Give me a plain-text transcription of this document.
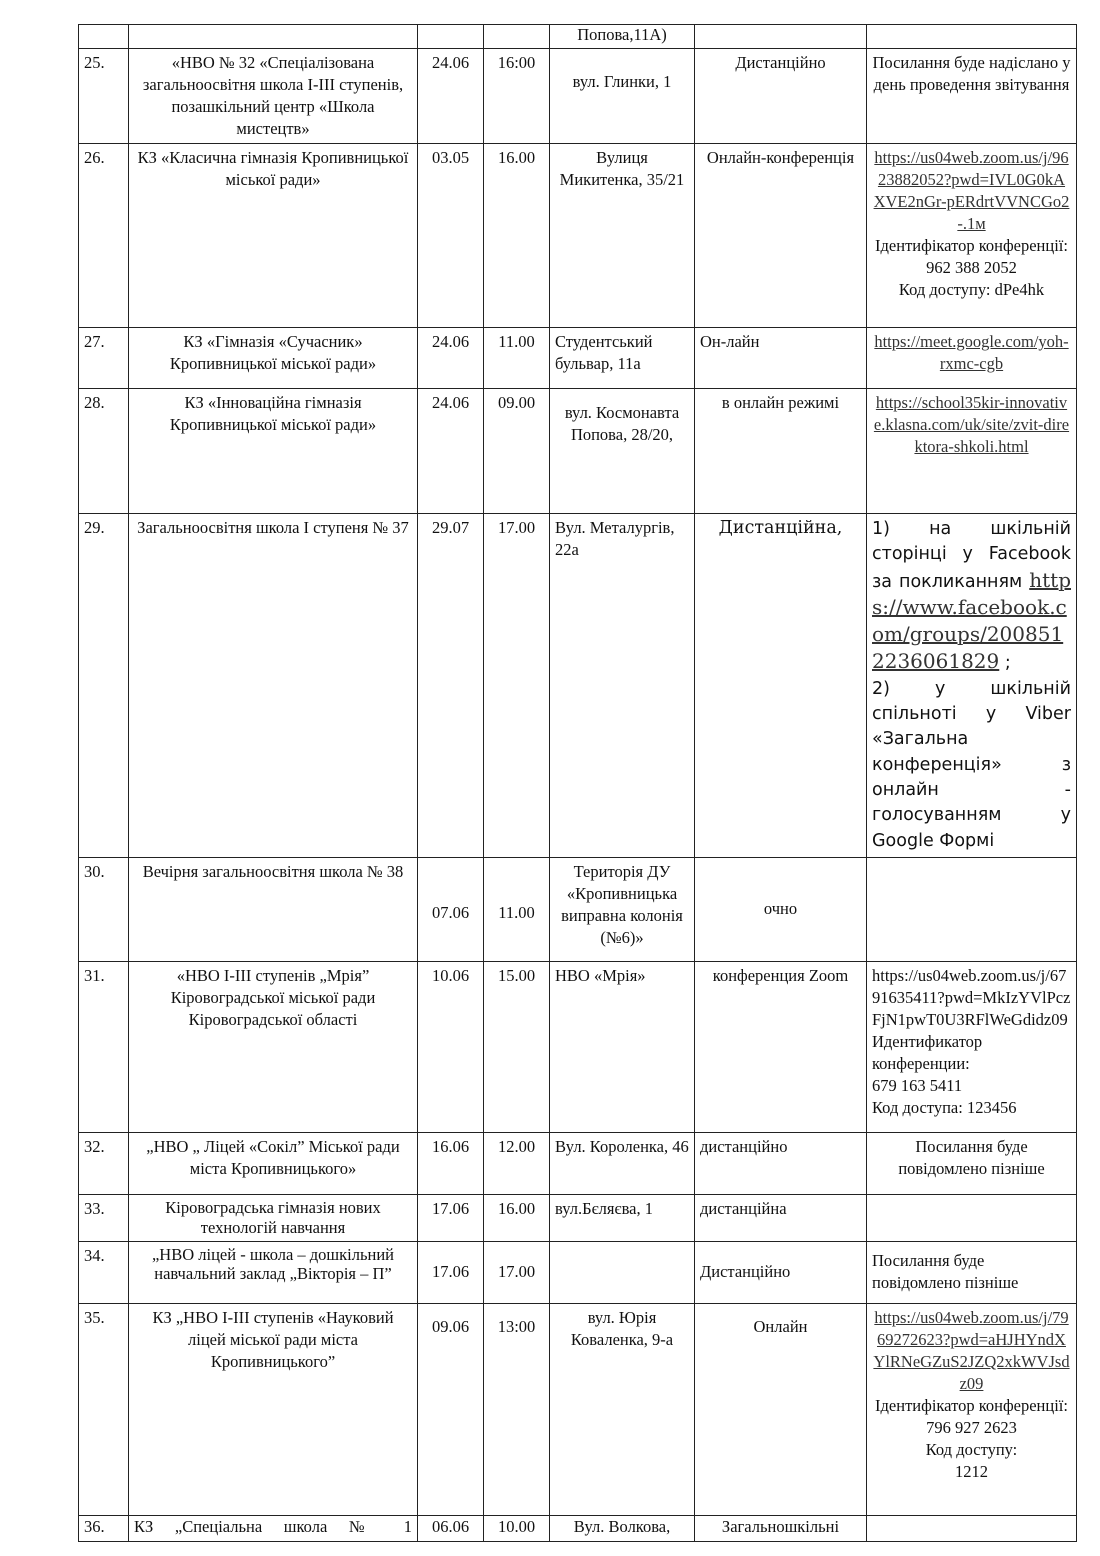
				Попова,11А)		
25.	«НВО № 32 «Спеціалізована загальноосвітня школа І-ІІІ ступенів, позашкільний центр «Школа мистецтв»	24.06	16:00	вул. Глинки, 1	Дистанційно	Посилання буде надіслано у день проведення звітування
26.	КЗ «Класична гімназія Кропивницької міської ради»	03.05	16.00	Вулиця Микитенка, 35/21	Онлайн-конференція	https://us04web.zoom.us/j/9623882052?pwd=IVL0G0kAXVE2nGr-pERdrtVVNCGo2-.1м
Ідентифікатор конференції: 962 388 2052
Код доступу: dPe4hk

27.	КЗ «Гімназія «Сучасник» Кропивницької міської ради»	24.06	11.00	Студентський бульвар, 11а	Он-лайн	https://meet.google.com/yoh-rxmc-cgb

28.	КЗ «Інноваційна гімназія Кропивницької міської ради»	24.06	09.00	вул. Космонавта Попова, 28/20,	в онлайн режимі	https://school35kir-innovative.klasna.com/uk/site/zvit-direktora-shkoli.html

29.	Загальноосвітня школа І ступеня № 37	29.07	17.00	Вул. Металургів, 22а	Дистанційна,	1) на шкільній сторінці у Facebook за покликанням https://www.facebook.com/groups/2008512236061829 ;
2) у шкільній спільноті у Viber «Загальна конференція» з онлайн - голосуванням у Google Формі

30.	Вечірня загальноосвітня школа № 38	07.06	11.00	Територія ДУ «Кропивницька виправна колонія (№6)»	очно	
31.	«НВО І-ІІІ ступенів „Мрія” Кіровоградської міської ради Кіровоградської області	10.06	15.00	НВО «Мрія»	конференция Zoom	https://us04web.zoom.us/j/6791635411?pwd=MkIzYVlPczFjN1pwT0U3RFlWeGdidz09
Идентификатор конференции:
679 163 5411
Код доступа: 123456

32.	„НВО „ Ліцей «Сокіл” Міської ради міста Кропивницького»	16.06	12.00	Вул. Короленка, 46	дистанційно	Посилання буде повідомлено пізніше
33.	Кіровоградська гімназія нових технологій навчання	17.06	16.00	вул.Бєляєва, 1	дистанційна	
34.	„НВО ліцей - школа – дошкільний навчальний заклад „Вікторія – П”	17.06	17.00		Дистанційно	Посилання буде повідомлено пізніше
35.	КЗ „НВО І-ІІІ ступенів «Науковий ліцей міської ради міста Кропивницького”	09.06	13:00	вул. Юрія Коваленка, 9-а	Онлайн	https://us04web.zoom.us/j/7969272623?pwd=aHJHYndXYlRNeGZuS2JZQ2xkWVJsdz09
Ідентифікатор конференції:
796 927 2623
Код доступу:
1212

36.	КЗ „Спеціальна школа № 1	06.06	10.00	Вул. Волкова,	Загальношкільні	
